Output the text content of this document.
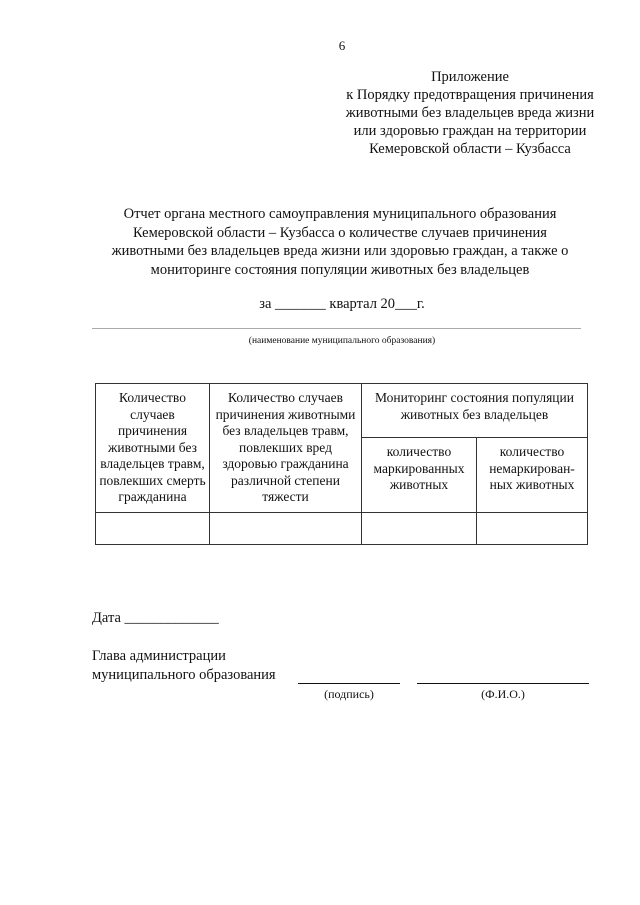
6
Приложение
к Порядку предотвращения причинения
животными без владельцев вреда жизни
или здоровью граждан на территории
Кемеровской области – Кузбасса
Отчет органа местного самоуправления муниципального образования
Кемеровской области – Кузбасса о количестве случаев причинения
животными без владельцев вреда жизни или здоровью граждан, а также о
мониторинге состояния популяции животных без владельцев
за _______ квартал 20___г.
(наименование муниципального образования)
Количество случаев причинения животными без владельцев травм, повлекших смерть гражданина	Количество случаев причинения животными без владельцев травм, повлекших вред здоровью гражданина различной степени тяжести	Мониторинг состояния популяции животных без владельцев	
		количество маркированных животных	количество немаркирован-ных животных

Дата _____________
Глава администрации
муниципального образования
(подпись)	(Ф.И.О.)
